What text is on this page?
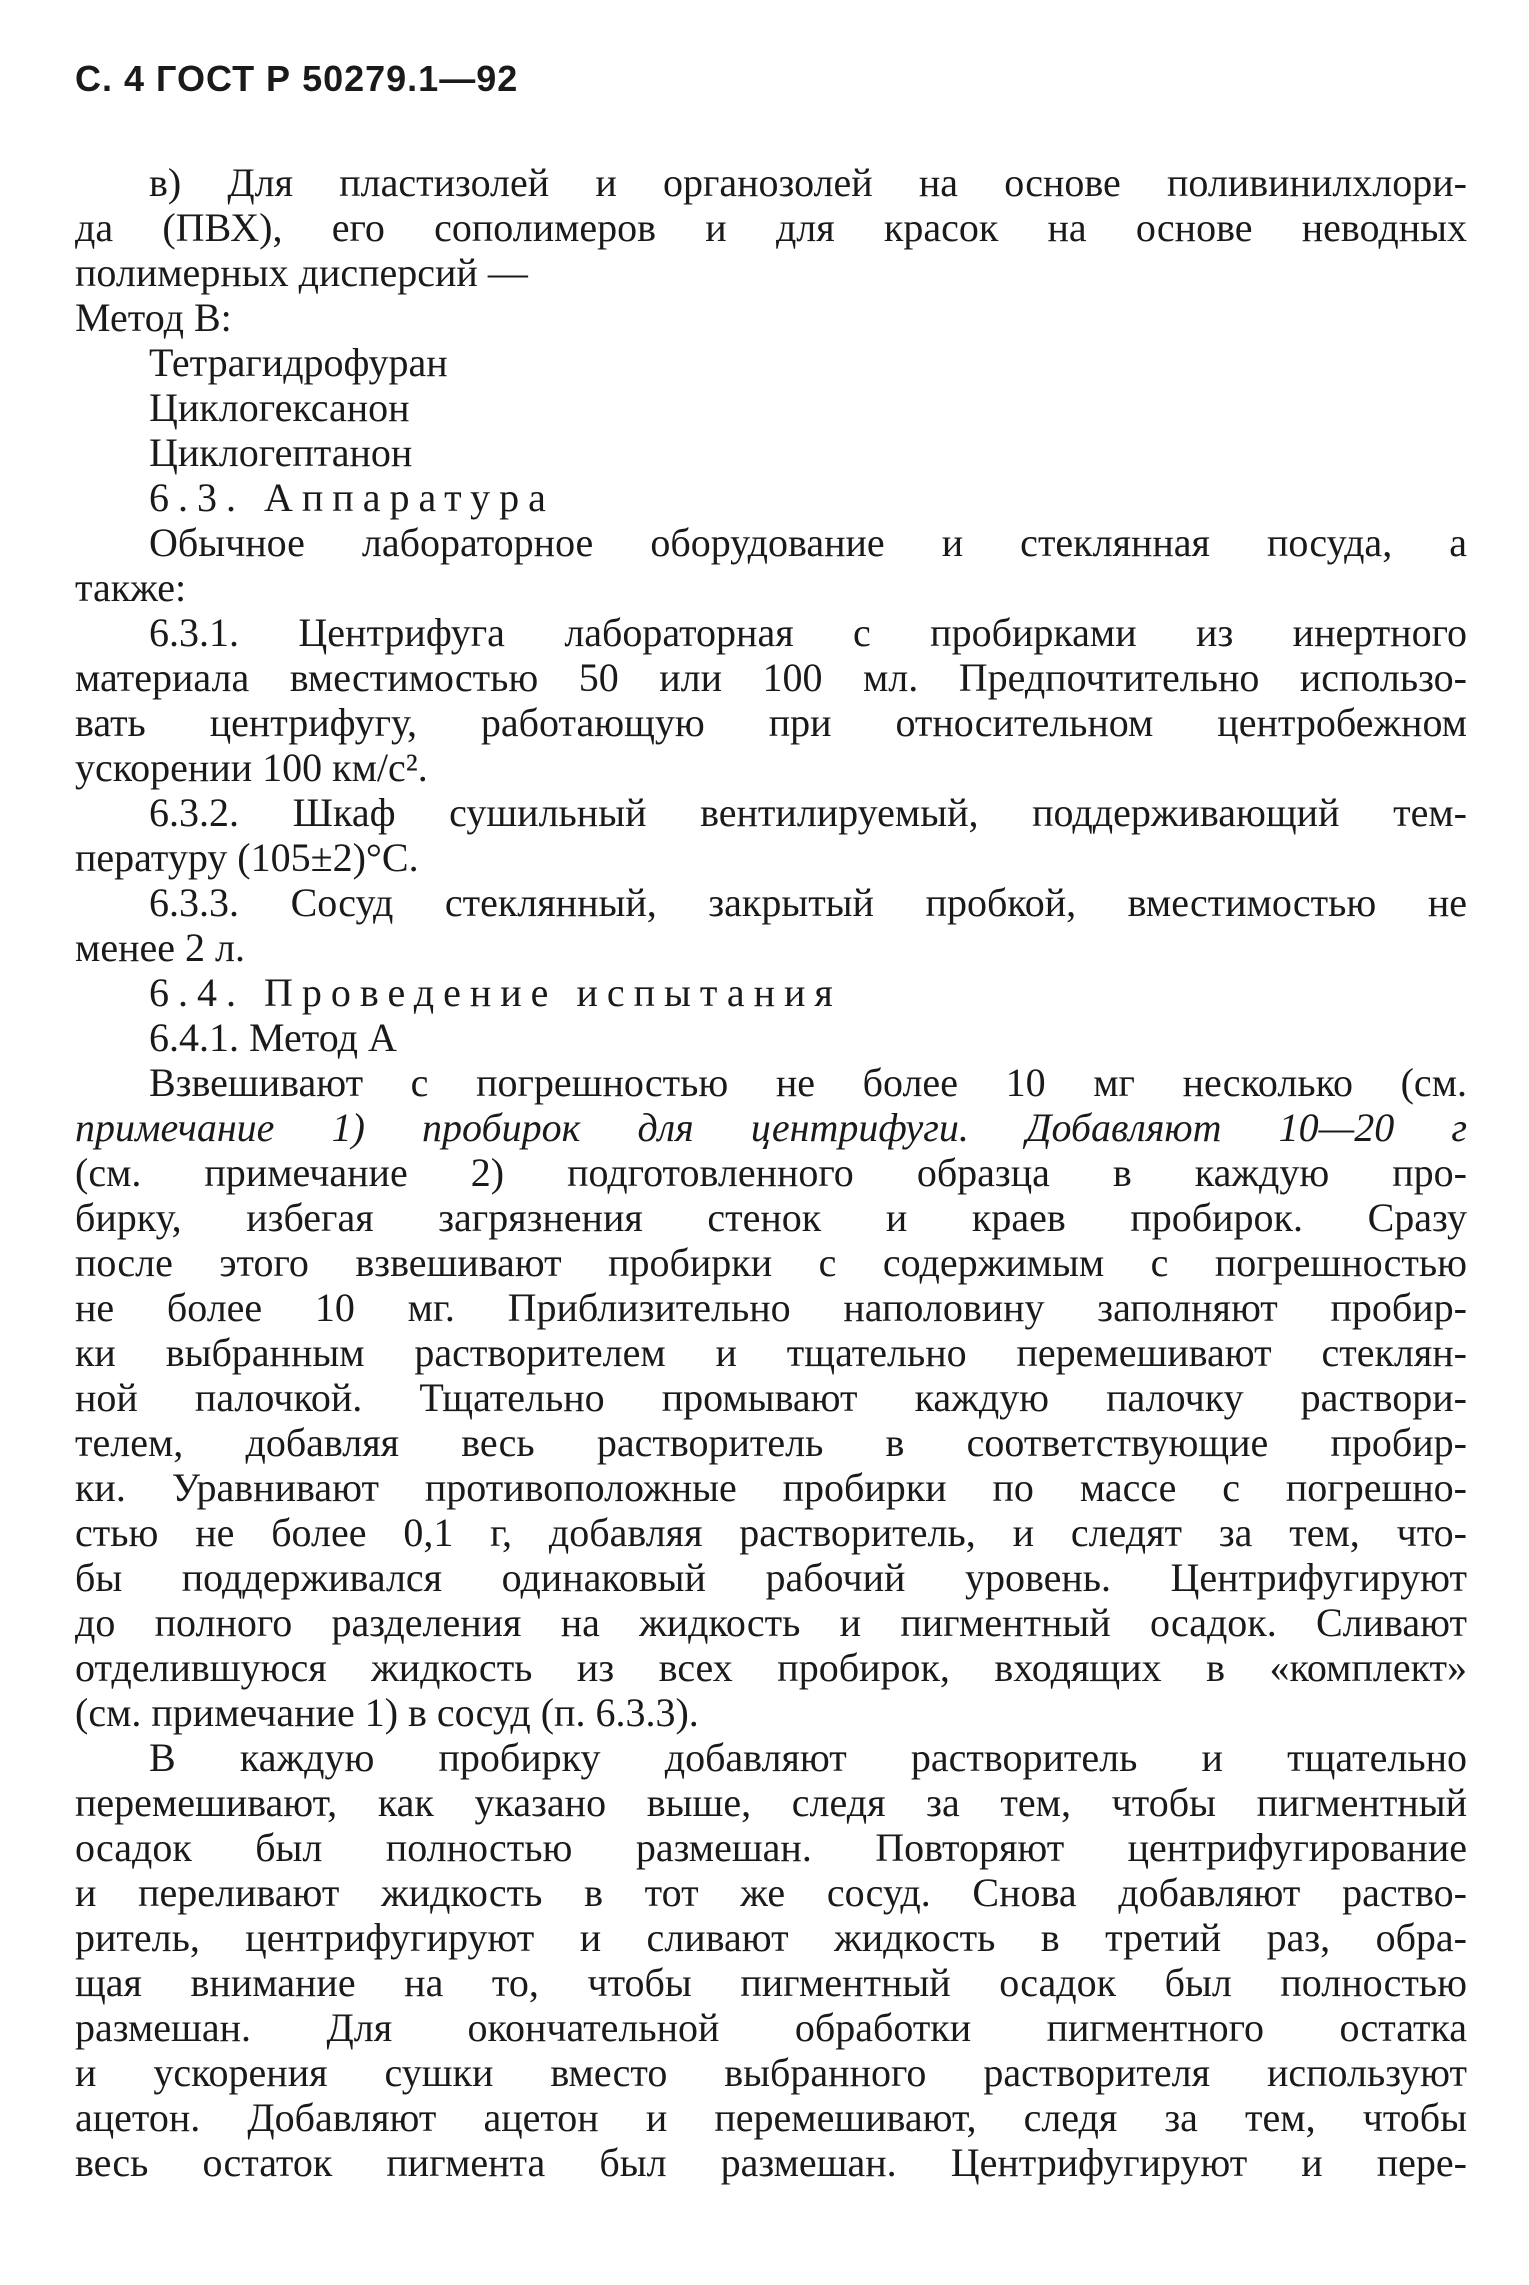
С. 4 ГОСТ Р 50279.1—92
в) Для пластизолей и органозолей на основе поливинилхлори-
да (ПВХ), его сополимеров и для красок на основе неводных
полимерных дисперсий —
Метод В:
Тетрагидрофуран
Циклогексанон
Циклогептанон
6.3. Аппаратура
Обычное лабораторное оборудование и стеклянная посуда, а
также:
6.3.1. Центрифуга лабораторная с пробирками из инертного
материала вместимостью 50 или 100 мл. Предпочтительно использо-
вать центрифугу, работающую при относительном центробежном
ускорении 100 км/с².
6.3.2. Шкаф сушильный вентилируемый, поддерживающий тем-
пературу (105±2)°С.
6.3.3. Сосуд стеклянный, закрытый пробкой, вместимостью не
менее 2 л.
6.4. Проведение испытания
6.4.1. Метод А
Взвешивают с погрешностью не более 10 мг несколько (см.
примечание 1) пробирок для центрифуги. Добавляют 10—20 г
(см. примечание 2) подготовленного образца в каждую про-
бирку, избегая загрязнения стенок и краев пробирок. Сразу
после этого взвешивают пробирки с содержимым с погрешностью
не более 10 мг. Приблизительно наполовину заполняют пробир-
ки выбранным растворителем и тщательно перемешивают стеклян-
ной палочкой. Тщательно промывают каждую палочку раствори-
телем, добавляя весь растворитель в соответствующие пробир-
ки. Уравнивают противоположные пробирки по массе с погрешно-
стью не более 0,1 г, добавляя растворитель, и следят за тем, что-
бы поддерживался одинаковый рабочий уровень. Центрифугируют
до полного разделения на жидкость и пигментный осадок. Сливают
отделившуюся жидкость из всех пробирок, входящих в «комплект»
(см. примечание 1) в сосуд (п. 6.3.3).
В каждую пробирку добавляют растворитель и тщательно
перемешивают, как указано выше, следя за тем, чтобы пигментный
осадок был полностью размешан. Повторяют центрифугирование
и переливают жидкость в тот же сосуд. Снова добавляют раство-
ритель, центрифугируют и сливают жидкость в третий раз, обра-
щая внимание на то, чтобы пигментный осадок был полностью
размешан. Для окончательной обработки пигментного остатка
и ускорения сушки вместо выбранного растворителя используют
ацетон. Добавляют ацетон и перемешивают, следя за тем, чтобы
весь остаток пигмента был размешан. Центрифугируют и пере-
